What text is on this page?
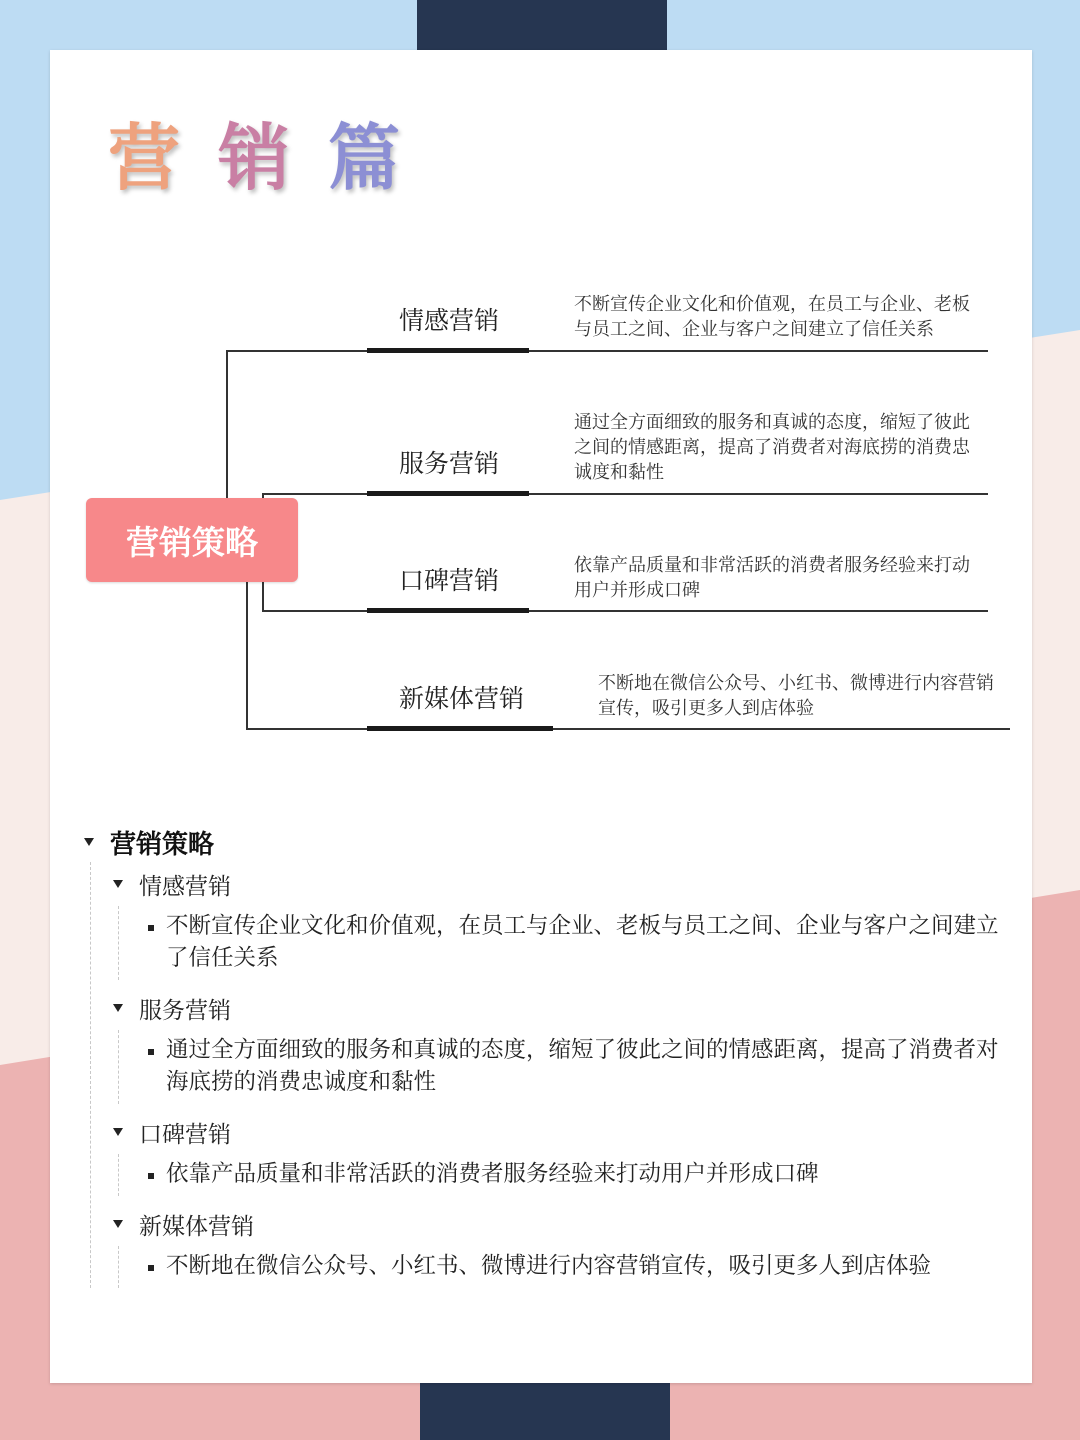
营销篇
营销策略
情感营销
服务营销
口碑营销
新媒体营销
不断宣传企业文化和价值观，在员工与企业、老板与员工之间、企业与客户之间建立了信任关系
通过全方面细致的服务和真诚的态度，缩短了彼此之间的情感距离，提高了消费者对海底捞的消费忠诚度和黏性
依靠产品质量和非常活跃的消费者服务经验来打动用户并形成口碑
不断地在微信公众号、小红书、微博进行内容营销宣传，吸引更多人到店体验
营销策略
情感营销
不断宣传企业文化和价值观，在员工与企业、老板与员工之间、企业与客户之间建立了信任关系
服务营销
通过全方面细致的服务和真诚的态度，缩短了彼此之间的情感距离，提高了消费者对海底捞的消费忠诚度和黏性
口碑营销
依靠产品质量和非常活跃的消费者服务经验来打动用户并形成口碑
新媒体营销
不断地在微信公众号、小红书、微博进行内容营销宣传，吸引更多人到店体验
